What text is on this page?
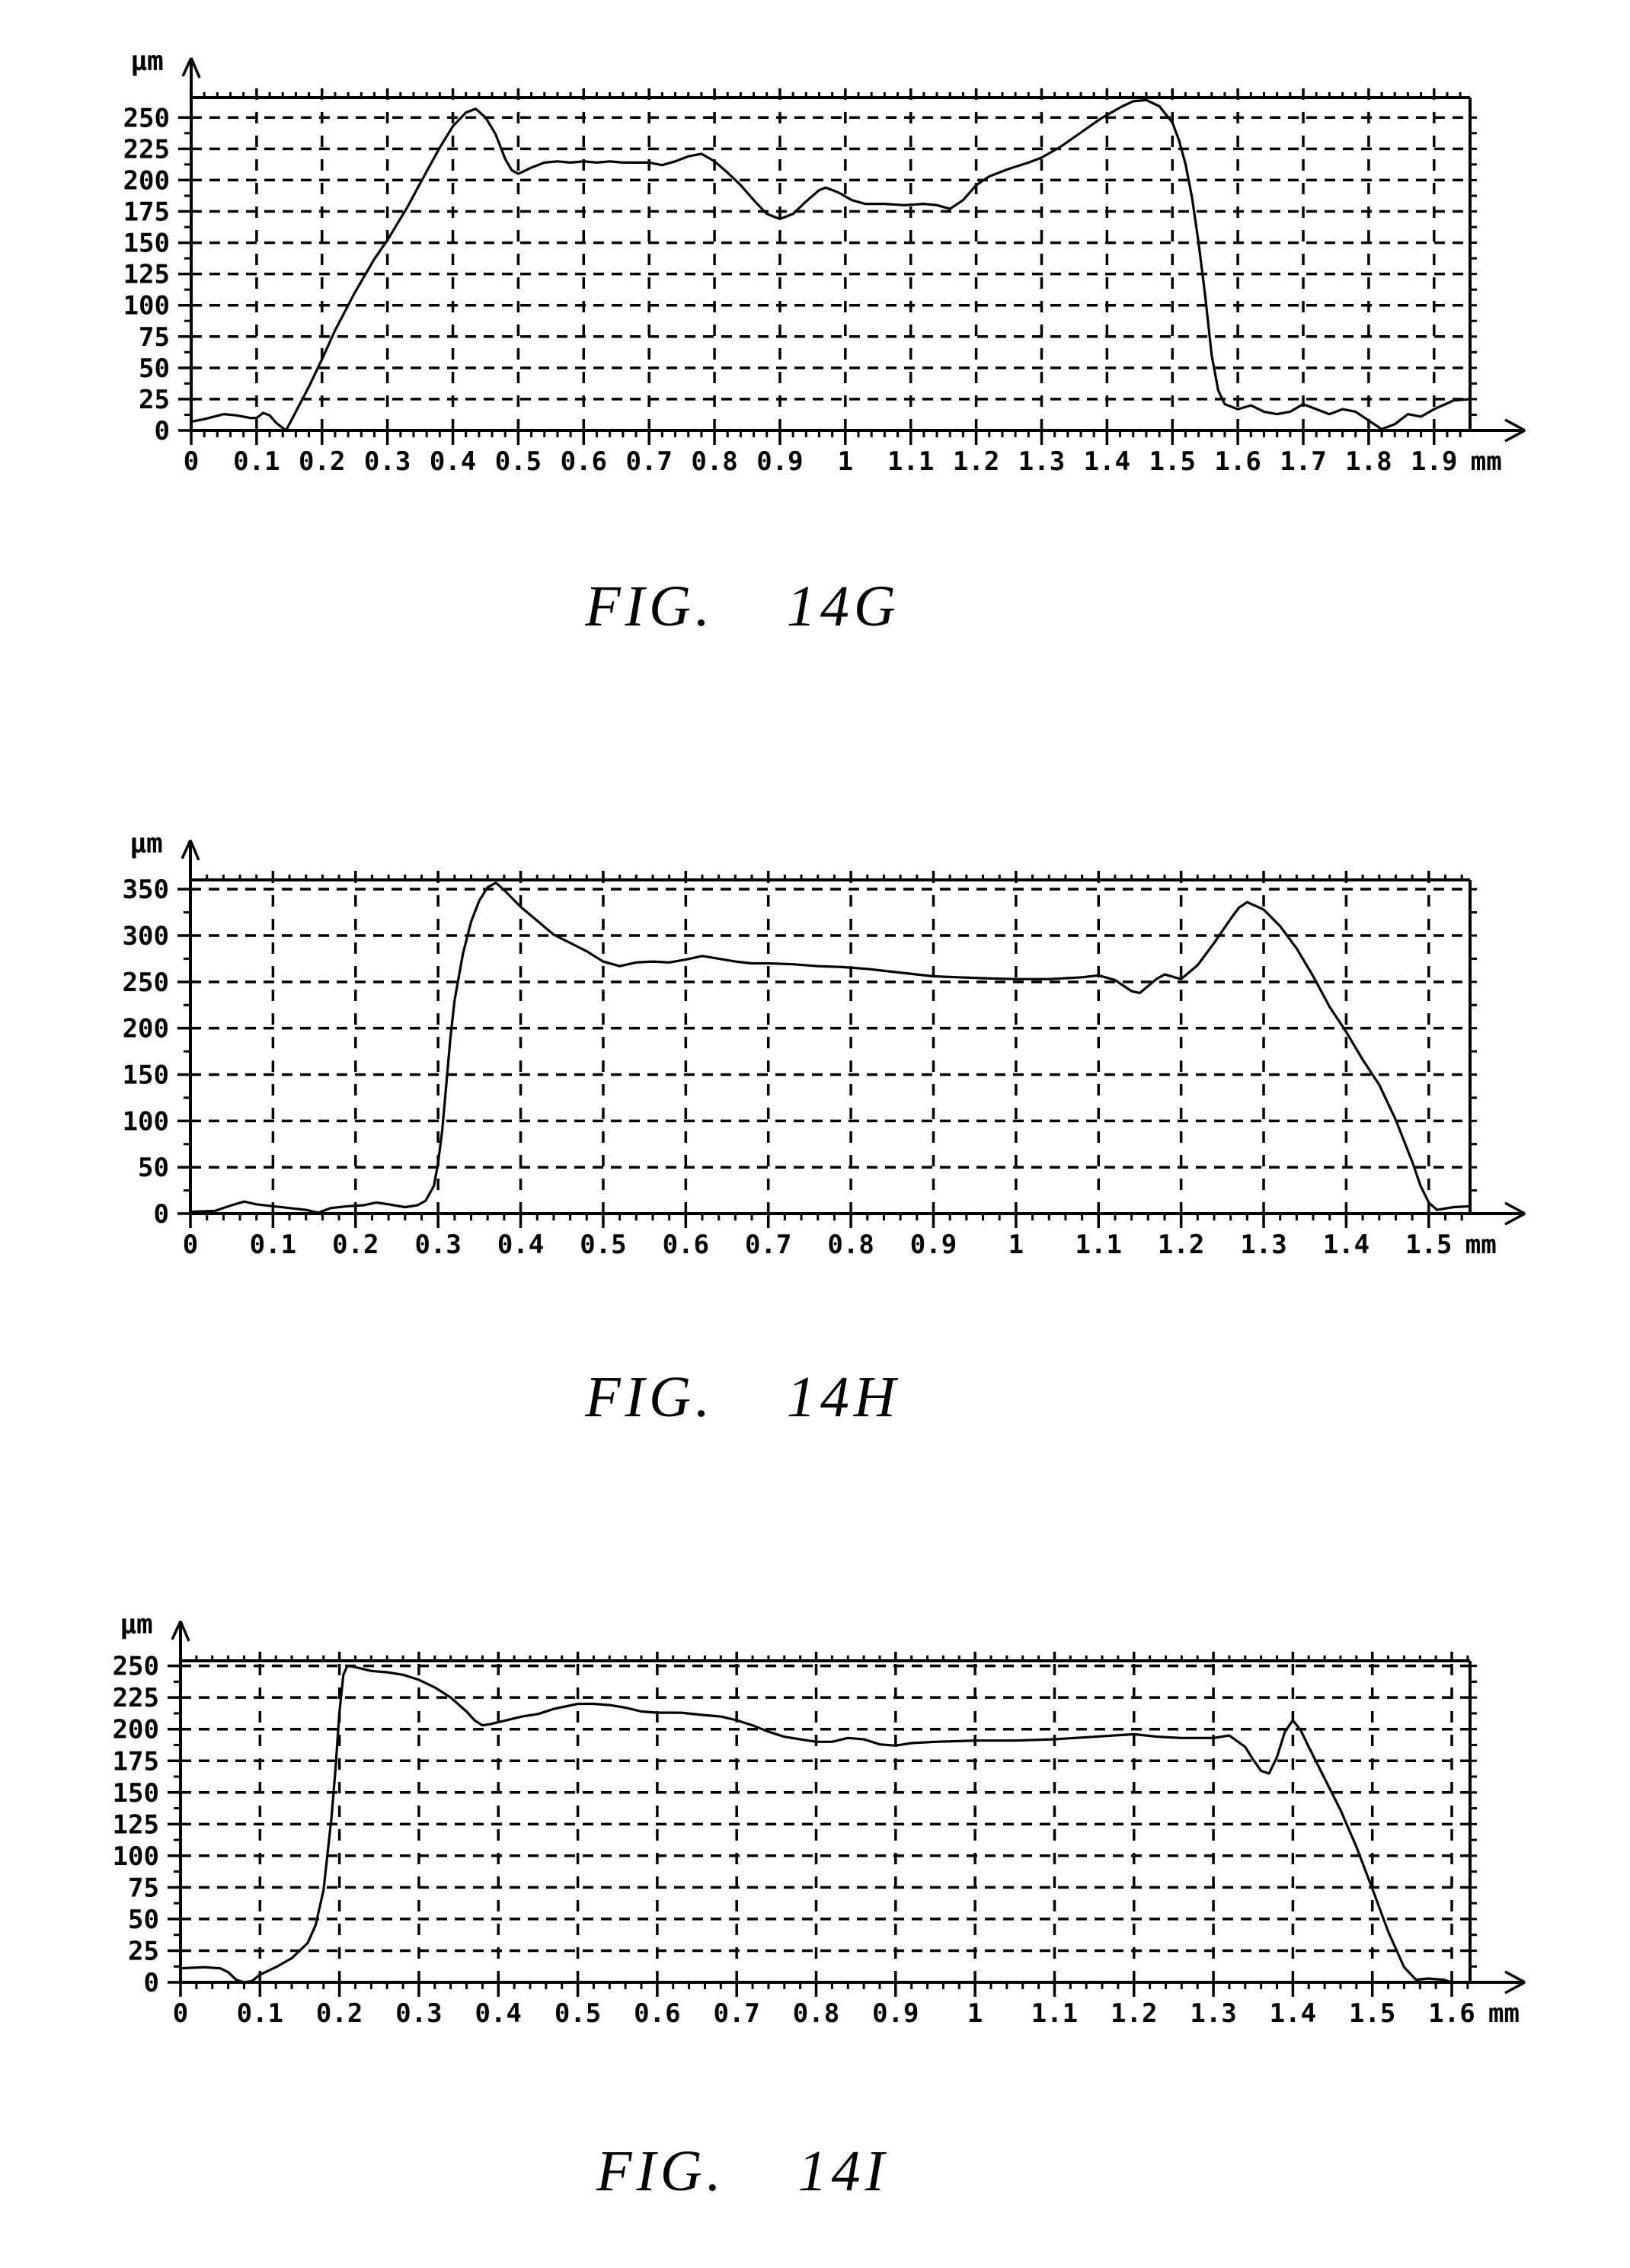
0 0.1 0.2 0.3 0.4 0.5 0.6 0.7 0.8 0.9 1 1.1 1.2 1.3 1.4 1.5 1.6 1.7 1.8 1.9 mm
0
25
50
75
100
125
150
175
200
225
250
µm
0 0.1 0.2 0.3 0.4 0.5 0.6 0.7 0.8 0.9 1 1.1 1.2 1.3 1.4 1.5 mm
0
50
100
150
200
250
300
350
µm
0 0.1 0.2 0.3 0.4 0.5 0.6 0.7 0.8 0.9 1 1.1 1.2 1.3 1.4 1.5 1.6 mm
0
25
50
75
100
125
150
175
200
225
250
µm
FIG. 14G
FIG. 14H
FIG. 14I
